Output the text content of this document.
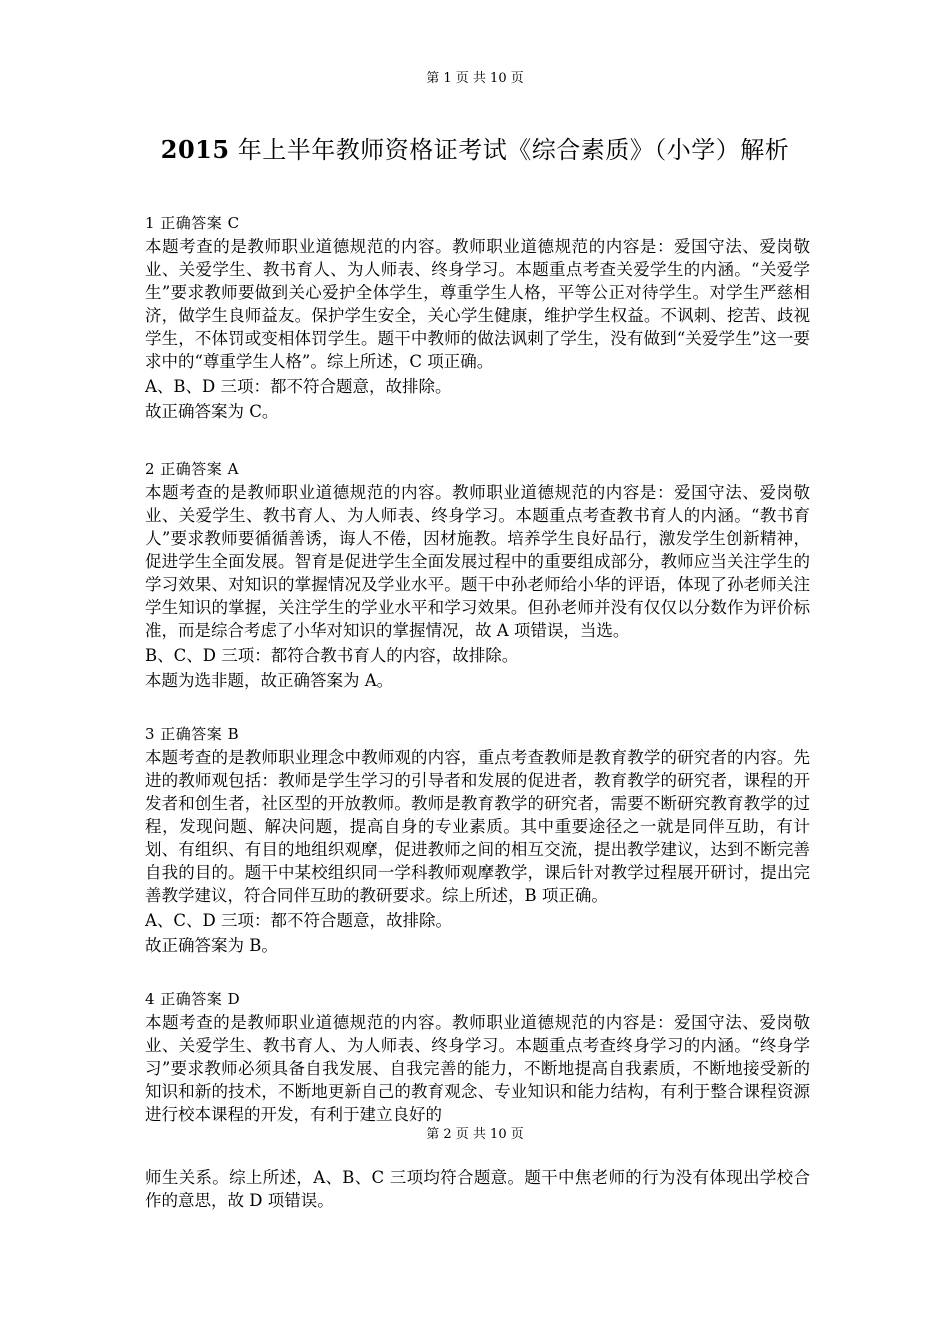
第 1 页 共 10 页
2015 年上半年教师资格证考试《综合素质》（小学）解析

1 正确答案 C

本题考查的是教师职业道德规范的内容。教师职业道德规范的内容是：爱国守法、爱岗敬业、关爱学生、教书育人、为人师表、终身学习。本题重点考查关爱学生的内涵。“关爱学生”要求教师要做到关心爱护全体学生，尊重学生人格，平等公正对待学生。对学生严慈相济，做学生良师益友。保护学生安全，关心学生健康，维护学生权益。不讽刺、挖苦、歧视学生，不体罚或变相体罚学生。题干中教师的做法讽刺了学生，没有做到“关爱学生”这一要求中的“尊重学生人格”。综上所述，C 项正确。

A、B、D 三项：都不符合题意，故排除。

故正确答案为 C。

2 正确答案 A

本题考查的是教师职业道德规范的内容。教师职业道德规范的内容是：爱国守法、爱岗敬业、关爱学生、教书育人、为人师表、终身学习。本题重点考查教书育人的内涵。“教书育人”要求教师要循循善诱，诲人不倦，因材施教。培养学生良好品行，激发学生创新精神，促进学生全面发展。智育是促进学生全面发展过程中的重要组成部分，教师应当关注学生的学习效果、对知识的掌握情况及学业水平。题干中孙老师给小华的评语，体现了孙老师关注学生知识的掌握，关注学生的学业水平和学习效果。但孙老师并没有仅仅以分数作为评价标准，而是综合考虑了小华对知识的掌握情况，故 A 项错误，当选。

B、C、D 三项：都符合教书育人的内容，故排除。

本题为选非题，故正确答案为 A。

3 正确答案 B

本题考查的是教师职业理念中教师观的内容，重点考查教师是教育教学的研究者的内容。先进的教师观包括：教师是学生学习的引导者和发展的促进者，教育教学的研究者，课程的开发者和创生者，社区型的开放教师。教师是教育教学的研究者，需要不断研究教育教学的过程，发现问题、解决问题，提高自身的专业素质。其中重要途径之一就是同伴互助，有计划、有组织、有目的地组织观摩，促进教师之间的相互交流，提出教学建议，达到不断完善自我的目的。题干中某校组织同一学科教师观摩教学，课后针对教学过程展开研讨，提出完善教学建议，符合同伴互助的教研要求。综上所述，B 项正确。

A、C、D 三项：都不符合题意，故排除。

故正确答案为 B。

4 正确答案 D

本题考查的是教师职业道德规范的内容。教师职业道德规范的内容是：爱国守法、爱岗敬业、关爱学生、教书育人、为人师表、终身学习。本题重点考查终身学习的内涵。“终身学习”要求教师必须具备自我发展、自我完善的能力，不断地提高自我素质，不断地接受新的知识和新的技术，不断地更新自己的教育观念、专业知识和能力结构，有利于整合课程资源进行校本课程的开发，有利于建立良好的

第 2 页 共 10 页

师生关系。综上所述，A、B、C 三项均符合题意。题干中焦老师的行为没有体现出学校合作的意思，故 D 项错误。
